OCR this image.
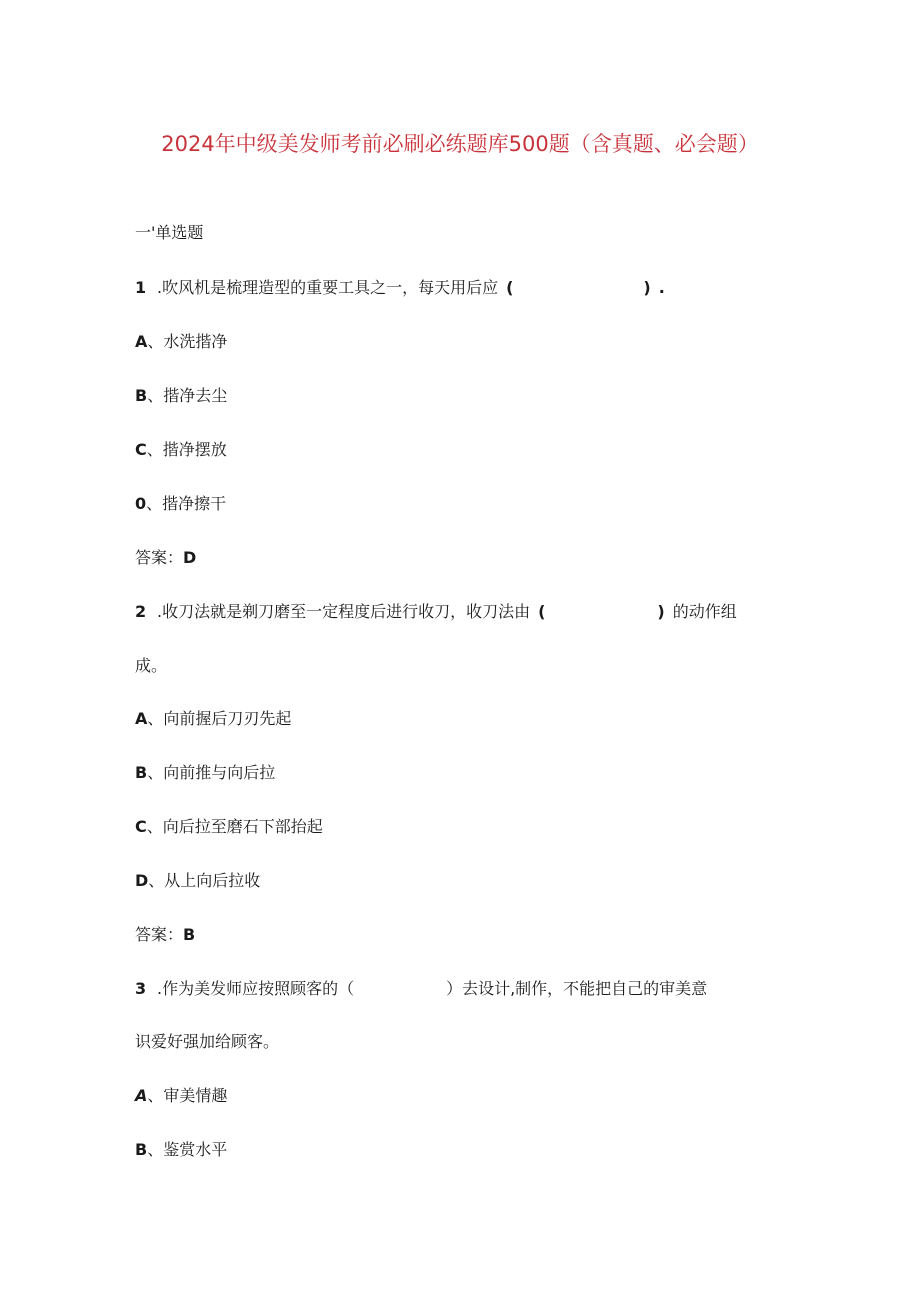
2024年中级美发师考前必刷必练题库500题（含真题、必会题）
一'单选题
1 .吹风机是梳理造型的重要工具之一，每天用后应 (	) .
A、水洗揩净
B、揩净去尘
C、揩净摆放
0、揩净擦干
答案：D
2 .收刀法就是剃刀磨至一定程度后进行收刀，收刀法由 (	) 的动作组
成。
A、向前握后刀刃先起
B、向前推与向后拉
C、向后拉至磨石下部抬起
D、从上向后拉收
答案：B
3 .作为美发师应按照顾客的（	）去设计,制作，不能把自己的审美意
识爱好强加给顾客。
A、审美情趣
B、鉴赏水平
